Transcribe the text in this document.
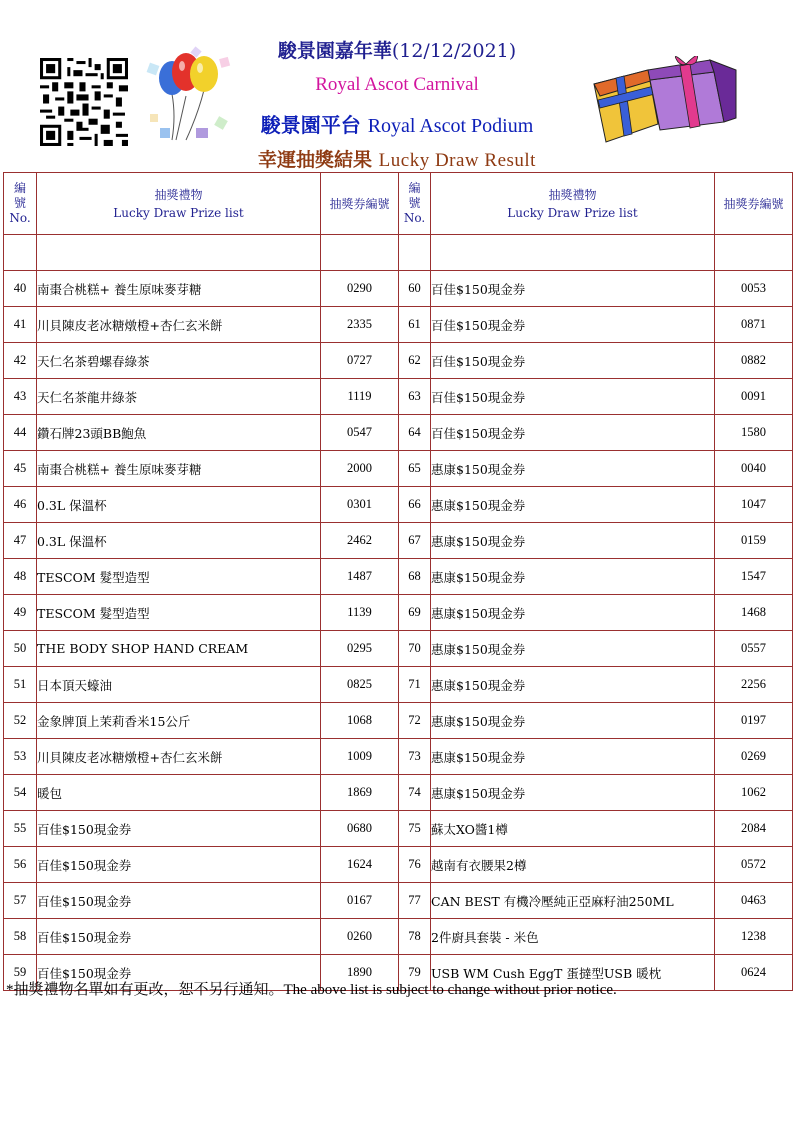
駿景園嘉年華(12/12/2021)
Royal Ascot Carnival
駿景園平台 Royal Ascot Podium
幸運抽獎結果 Lucky Draw Result
編
號
No.	抽獎禮物
Lucky Draw Prize list	抽獎券編號	編
號
No.	抽獎禮物
Lucky Draw Prize list	抽獎券編號

40	南棗合桃糕+ 養生原味麥芽糖	0290	60	百佳$150現金券	0053
41	川貝陳皮老冰糖燉橙+杏仁玄米餅	2335	61	百佳$150現金券	0871
42	天仁名茶碧螺春綠茶	0727	62	百佳$150現金券	0882
43	天仁名茶龍井綠茶	1119	63	百佳$150現金券	0091
44	鑽石牌23頭BB鮑魚	0547	64	百佳$150現金券	1580
45	南棗合桃糕+ 養生原味麥芽糖	2000	65	惠康$150現金券	0040
46	0.3L 保溫杯	0301	66	惠康$150現金券	1047
47	0.3L 保溫杯	2462	67	惠康$150現金券	0159
48	TESCOM 髮型造型	1487	68	惠康$150現金券	1547
49	TESCOM 髮型造型	1139	69	惠康$150現金券	1468
50	THE BODY SHOP HAND CREAM	0295	70	惠康$150現金券	0557
51	日本頂天蠔油	0825	71	惠康$150現金券	2256
52	金象牌頂上茉莉香米15公斤	1068	72	惠康$150現金券	0197
53	川貝陳皮老冰糖燉橙+杏仁玄米餅	1009	73	惠康$150現金券	0269
54	暖包	1869	74	惠康$150現金券	1062
55	百佳$150現金券	0680	75	蘇太XO醬1樽	2084
56	百佳$150現金券	1624	76	越南有衣腰果2樽	0572
57	百佳$150現金券	0167	77	CAN BEST 有機冷壓純正亞麻籽油250ML	0463
58	百佳$150現金券	0260	78	2件廚具套裝 - 米色	1238
59	百佳$150現金券	1890	79	USB WM Cush EggT 蛋撻型USB 暖枕	0624
*抽獎禮物名單如有更改，恕不另行通知。The above list is subject to change without prior notice.
